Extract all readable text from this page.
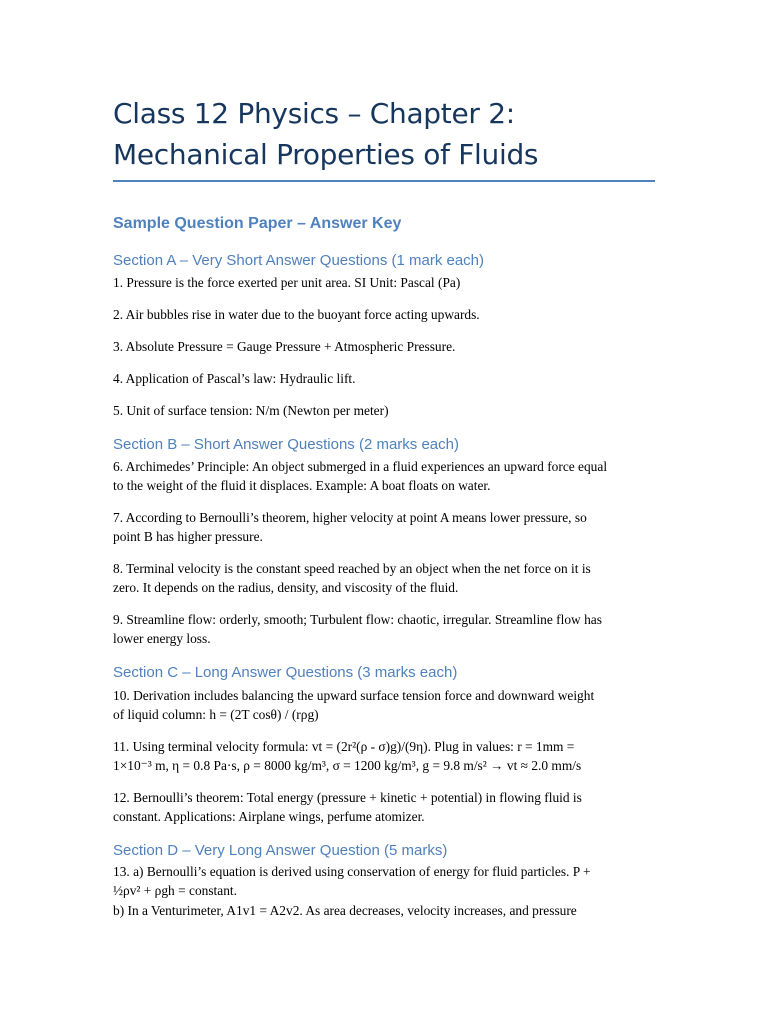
Class 12 Physics – Chapter 2:
Mechanical Properties of Fluids
Sample Question Paper – Answer Key
Section A – Very Short Answer Questions (1 mark each)

1. Pressure is the force exerted per unit area. SI Unit: Pascal (Pa)

2. Air bubbles rise in water due to the buoyant force acting upwards.

3. Absolute Pressure = Gauge Pressure + Atmospheric Pressure.

4. Application of Pascal’s law: Hydraulic lift.

5. Unit of surface tension: N/m (Newton per meter)

Section B – Short Answer Questions (2 marks each)

6. Archimedes’ Principle: An object submerged in a fluid experiences an upward force equal

to the weight of the fluid it displaces. Example: A boat floats on water.

7. According to Bernoulli’s theorem, higher velocity at point A means lower pressure, so

point B has higher pressure.

8. Terminal velocity is the constant speed reached by an object when the net force on it is

zero. It depends on the radius, density, and viscosity of the fluid.

9. Streamline flow: orderly, smooth; Turbulent flow: chaotic, irregular. Streamline flow has

lower energy loss.

Section C – Long Answer Questions (3 marks each)

10. Derivation includes balancing the upward surface tension force and downward weight

of liquid column: h = (2T cosθ) / (rρg)

11. Using terminal velocity formula: vt = (2r²(ρ - σ)g)/(9η). Plug in values: r = 1mm =

1×10⁻³ m, η = 0.8 Pa·s, ρ = 8000 kg/m³, σ = 1200 kg/m³, g = 9.8 m/s² → vt ≈ 2.0 mm/s

12. Bernoulli’s theorem: Total energy (pressure + kinetic + potential) in flowing fluid is

constant. Applications: Airplane wings, perfume atomizer.

Section D – Very Long Answer Question (5 marks)

13. a) Bernoulli’s equation is derived using conservation of energy for fluid particles. P +

½ρv² + ρgh = constant.

b) In a Venturimeter, A1v1 = A2v2. As area decreases, velocity increases, and pressure
